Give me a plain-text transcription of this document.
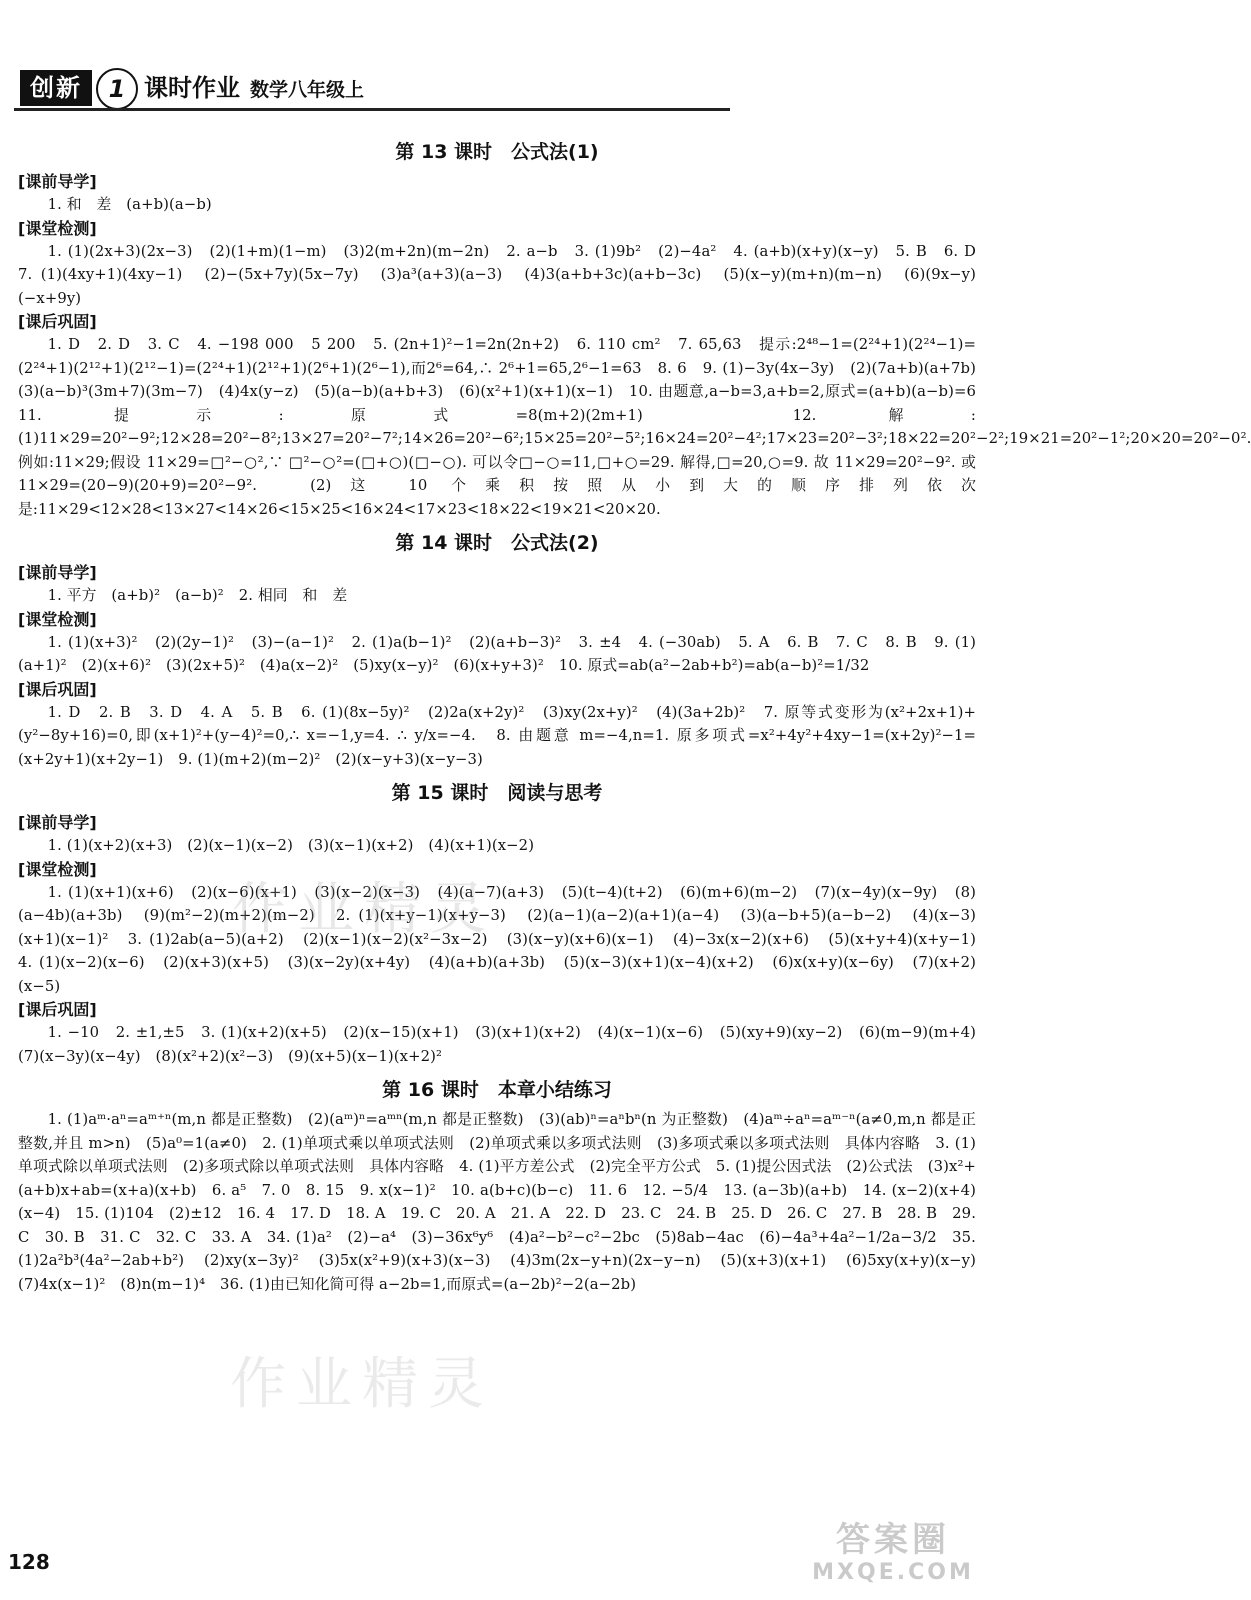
创新	1 课时作业 数学八年级上
第 13 课时　公式法(1)
[课前导学]
1. 和　差　(a+b)(a−b)
[课堂检测]
1. (1)(2x+3)(2x−3)　(2)(1+m)(1−m)　(3)2(m+2n)(m−2n)　2. a−b　3. (1)9b²　(2)−4a²　4. (a+b)(x+y)(x−y)　5. B　6. D　7. (1)(4xy+1)(4xy−1)　(2)−(5x+7y)(5x−7y)　(3)a³(a+3)(a−3)　(4)3(a+b+3c)(a+b−3c)　(5)(x−y)(m+n)(m−n)　(6)(9x−y)(−x+9y)
[课后巩固]
1. D　2. D　3. C　4. −198 000　5 200　5. (2n+1)²−1=2n(2n+2)　6. 110 cm²　7. 65,63　提示:2⁴⁸−1=(2²⁴+1)(2²⁴−1)=(2²⁴+1)(2¹²+1)(2¹²−1)=(2²⁴+1)(2¹²+1)(2⁶+1)(2⁶−1),而2⁶=64,∴ 2⁶+1=65,2⁶−1=63　8. 6　9. (1)−3y(4x−3y)　(2)(7a+b)(a+7b)　(3)(a−b)³(3m+7)(3m−7)　(4)4x(y−z)　(5)(a−b)(a+b+3)　(6)(x²+1)(x+1)(x−1)　10. 由题意,a−b=3,a+b=2,原式=(a+b)(a−b)=6　11. 提示:原式=8(m+2)(2m+1)　12. 解:(1)11×29=20²−9²;12×28=20²−8²;13×27=20²−7²;14×26=20²−6²;15×25=20²−5²;16×24=20²−4²;17×23=20²−3²;18×22=20²−2²;19×21=20²−1²;20×20=20²−0². 例如:11×29;假设 11×29=□²−○²,∵ □²−○²=(□+○)(□−○). 可以令□−○=11,□+○=29. 解得,□=20,○=9. 故 11×29=20²−9². 或 11×29=(20−9)(20+9)=20²−9².　(2)这 10 个乘积按照从小到大的顺序排列依次是:11×29<12×28<13×27<14×26<15×25<16×24<17×23<18×22<19×21<20×20.
第 14 课时　公式法(2)
[课前导学]
1. 平方　(a+b)²　(a−b)²　2. 相同　和　差
[课堂检测]
1. (1)(x+3)²　(2)(2y−1)²　(3)−(a−1)²　2. (1)a(b−1)²　(2)(a+b−3)²　3. ±4　4. (−30ab)　5. A　6. B　7. C　8. B　9. (1)(a+1)²　(2)(x+6)²　(3)(2x+5)²　(4)a(x−2)²　(5)xy(x−y)²　(6)(x+y+3)²　10. 原式=ab(a²−2ab+b²)=ab(a−b)²=1/32
[课后巩固]
1. D　2. B　3. D　4. A　5. B　6. (1)(8x−5y)²　(2)2a(x+2y)²　(3)xy(2x+y)²　(4)(3a+2b)²　7. 原等式变形为(x²+2x+1)+(y²−8y+16)=0,即(x+1)²+(y−4)²=0,∴ x=−1,y=4. ∴ y/x=−4.　8. 由题意 m=−4,n=1. 原多项式=x²+4y²+4xy−1=(x+2y)²−1=(x+2y+1)(x+2y−1)　9. (1)(m+2)(m−2)²　(2)(x−y+3)(x−y−3)
第 15 课时　阅读与思考
[课前导学]
1. (1)(x+2)(x+3)　(2)(x−1)(x−2)　(3)(x−1)(x+2)　(4)(x+1)(x−2)
[课堂检测]
1. (1)(x+1)(x+6)　(2)(x−6)(x+1)　(3)(x−2)(x−3)　(4)(a−7)(a+3)　(5)(t−4)(t+2)　(6)(m+6)(m−2)　(7)(x−4y)(x−9y)　(8)(a−4b)(a+3b)　(9)(m²−2)(m+2)(m−2)　2. (1)(x+y−1)(x+y−3)　(2)(a−1)(a−2)(a+1)(a−4)　(3)(a−b+5)(a−b−2)　(4)(x−3)(x+1)(x−1)²　3. (1)2ab(a−5)(a+2)　(2)(x−1)(x−2)(x²−3x−2)　(3)(x−y)(x+6)(x−1)　(4)−3x(x−2)(x+6)　(5)(x+y+4)(x+y−1)　4. (1)(x−2)(x−6)　(2)(x+3)(x+5)　(3)(x−2y)(x+4y)　(4)(a+b)(a+3b)　(5)(x−3)(x+1)(x−4)(x+2)　(6)x(x+y)(x−6y)　(7)(x+2)(x−5)
[课后巩固]
1. −10　2. ±1,±5　3. (1)(x+2)(x+5)　(2)(x−15)(x+1)　(3)(x+1)(x+2)　(4)(x−1)(x−6)　(5)(xy+9)(xy−2)　(6)(m−9)(m+4)　(7)(x−3y)(x−4y)　(8)(x²+2)(x²−3)　(9)(x+5)(x−1)(x+2)²
第 16 课时　本章小结练习
1. (1)aᵐ·aⁿ=aᵐ⁺ⁿ(m,n 都是正整数)　(2)(aᵐ)ⁿ=aᵐⁿ(m,n 都是正整数)　(3)(ab)ⁿ=aⁿbⁿ(n 为正整数)　(4)aᵐ÷aⁿ=aᵐ⁻ⁿ(a≠0,m,n 都是正整数,并且 m>n)　(5)a⁰=1(a≠0)　2. (1)单项式乘以单项式法则　(2)单项式乘以多项式法则　(3)多项式乘以多项式法则　具体内容略　3. (1)单项式除以单项式法则　(2)多项式除以单项式法则　具体内容略　4. (1)平方差公式　(2)完全平方公式　5. (1)提公因式法　(2)公式法　(3)x²+(a+b)x+ab=(x+a)(x+b)　6. a⁵　7. 0　8. 15　9. x(x−1)²　10. a(b+c)(b−c)　11. 6　12. −5/4　13. (a−3b)(a+b)　14. (x−2)(x+4)(x−4)　15. (1)104　(2)±12　16. 4　17. D　18. A　19. C　20. A　21. A　22. D　23. C　24. B　25. D　26. C　27. B　28. B　29. C　30. B　31. C　32. C　33. A　34. (1)a²　(2)−a⁴　(3)−36x⁶y⁶　(4)a²−b²−c²−2bc　(5)8ab−4ac　(6)−4a³+4a²−1/2a−3/2　35. (1)2a²b³(4a²−2ab+b²)　(2)xy(x−3y)²　(3)5x(x²+9)(x+3)(x−3)　(4)3m(2x−y+n)(2x−y−n)　(5)(x+3)(x+1)　(6)5xy(x+y)(x−y)　(7)4x(x−1)²　(8)n(m−1)⁴　36. (1)由已知化简可得 a−2b=1,而原式=(a−2b)²−2(a−2b)
作业精灵
作业精灵
128
答案圈
MXQE.COM
